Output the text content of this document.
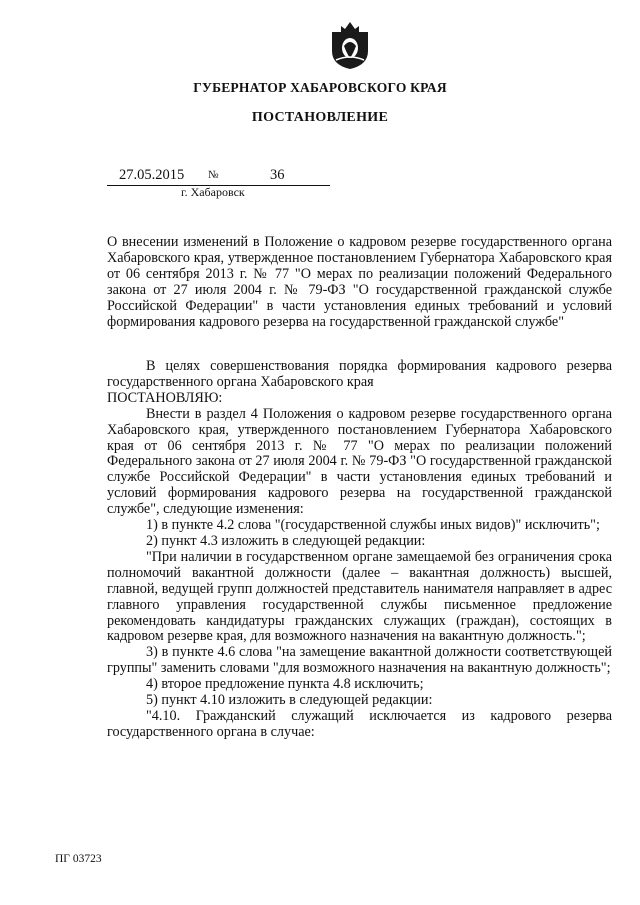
ГУБЕРНАТОР ХАБАРОВСКОГО КРАЯ
ПОСТАНОВЛЕНИЕ
27.05.2015 №	36
г. Хабаровск

О внесении изменений в Положение о кадровом резерве государственного органа Хабаровского края, утвержденное постановлением Губернатора Хабаровского края от 06 сентября 2013 г. № 77 "О мерах по реализации положений Федерального закона от 27 июля 2004 г. № 79-ФЗ "О государственной гражданской службе Российской Федерации" в части установления единых требований и условий формирования кадрового резерва на государственной гражданской службе"

В целях совершенствования порядка формирования кадрового резерва государственного органа Хабаровского края

ПОСТАНОВЛЯЮ:

Внести в раздел 4 Положения о кадровом резерве государственного органа Хабаровского края, утвержденного постановлением Губернатора Хабаровского края от 06 сентября 2013 г. № 77 "О мерах по реализации положений Федерального закона от 27 июля 2004 г. № 79-ФЗ "О государственной гражданской службе Российской Федерации" в части установления единых требований и условий формирования кадрового резерва на государственной гражданской службе", следующие изменения:

1) в пункте 4.2 слова "(государственной службы иных видов)" исключить";

2) пункт 4.3 изложить в следующей редакции:

"При наличии в государственном органе замещаемой без ограничения срока полномочий вакантной должности (далее – вакантная должность) высшей, главной, ведущей групп должностей представитель нанимателя направляет в адрес главного управления государственной службы письменное предложение рекомендовать кандидатуры гражданских служащих (граждан), состоящих в кадровом резерве края, для возможного назначения на вакантную должность.";

3) в пункте 4.6 слова "на замещение вакантной должности соответствующей группы" заменить словами "для возможного назначения на вакантную должность";

4) второе предложение пункта 4.8 исключить;

5) пункт 4.10 изложить в следующей редакции:

"4.10. Гражданский служащий исключается из кадрового резерва государственного органа в случае:

ПГ 03723
